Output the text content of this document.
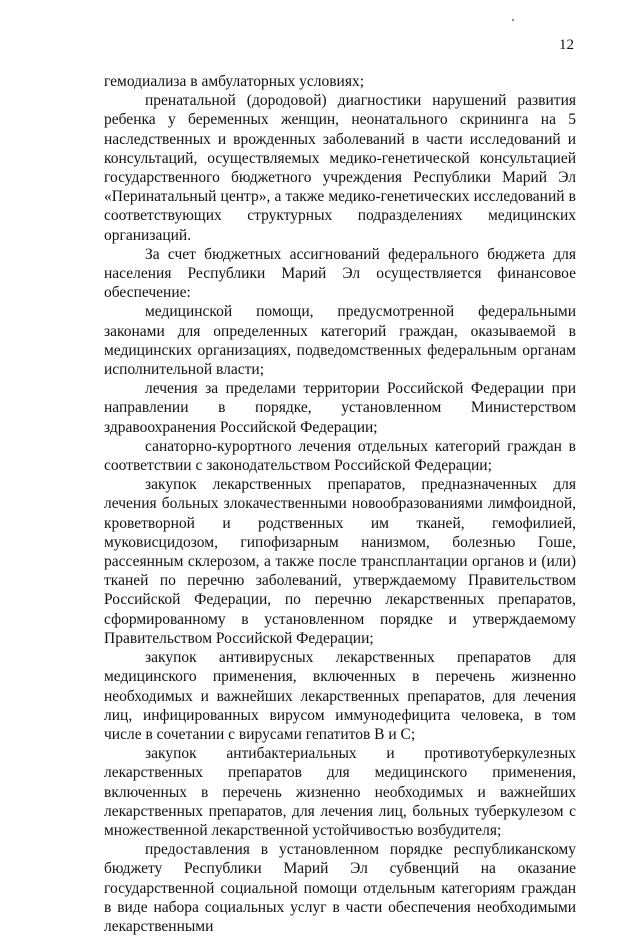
12

гемодиализа в амбулаторных условиях;

пренатальной (дородовой) диагностики нарушений развития ребенка у беременных женщин, неонатального скрининга на 5 наследственных и врожденных заболеваний в части исследований и консультаций, осуществляемых медико-генетической консультацией государственного бюджетного учреждения Республики Марий Эл «Перинатальный центр», а также медико-генетических исследований в соответствующих структурных подразделениях медицинских организаций.

За счет бюджетных ассигнований федерального бюджета для населения Республики Марий Эл осуществляется финансовое обеспечение:

медицинской помощи, предусмотренной федеральными законами для определенных категорий граждан, оказываемой в медицинских организациях, подведомственных федеральным органам исполнительной власти;

лечения за пределами территории Российской Федерации при направлении в порядке, установленном Министерством здравоохранения Российской Федерации;

санаторно-курортного лечения отдельных категорий граждан в соответствии с законодательством Российской Федерации;

закупок лекарственных препаратов, предназначенных для лечения больных злокачественными новообразованиями лимфоидной, кроветворной и родственных им тканей, гемофилией, муковисцидозом, гипофизарным нанизмом, болезнью Гоше, рассеянным склерозом, а также после трансплантации органов и (или) тканей по перечню заболеваний, утверждаемому Правительством Российской Федерации, по перечню лекарственных препаратов, сформированному в установленном порядке и утверждаемому Правительством Российской Федерации;

закупок антивирусных лекарственных препаратов для медицинского применения, включенных в перечень жизненно необходимых и важнейших лекарственных препаратов, для лечения лиц, инфицированных вирусом иммунодефицита человека, в том числе в сочетании с вирусами гепатитов B и C;

закупок антибактериальных и противотуберкулезных лекарственных препаратов для медицинского применения, включенных в перечень жизненно необходимых и важнейших лекарственных препаратов, для лечения лиц, больных туберкулезом с множественной лекарственной устойчивостью возбудителя;

предоставления в установленном порядке республиканскому бюджету Республики Марий Эл субвенций на оказание государственной социальной помощи отдельным категориям граждан в виде набора социальных услуг в части обеспечения необходимыми лекарственными
